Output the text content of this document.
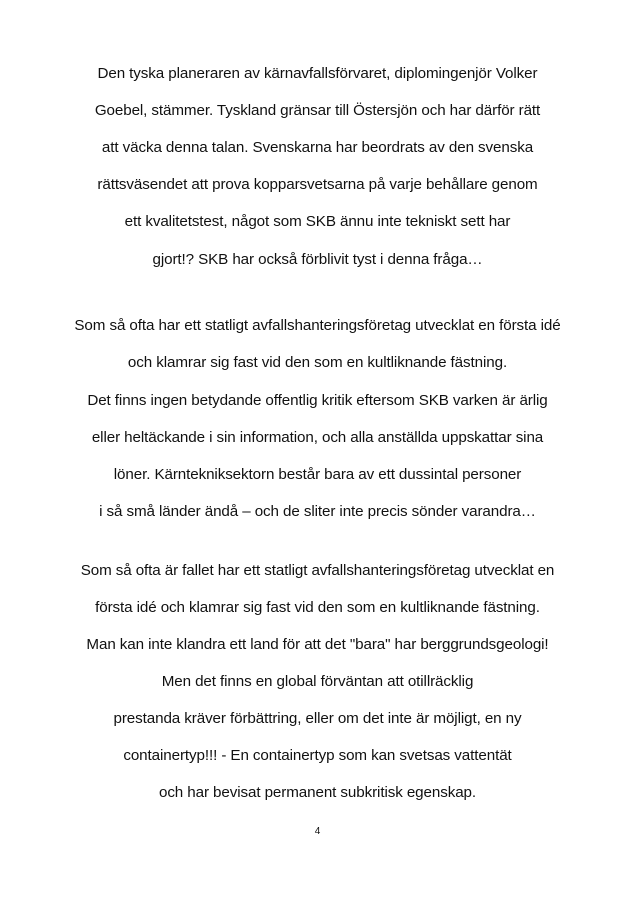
Den tyska planeraren av kärnavfallsförvaret, diplomingenjör Volker
Goebel, stämmer. Tyskland gränsar till Östersjön och har därför rätt
att väcka denna talan. Svenskarna har beordrats av den svenska
rättsväsendet att prova kopparsvetsarna på varje behållare genom
ett kvalitetstest, något som SKB ännu inte tekniskt sett har
gjort!? SKB har också förblivit tyst i denna fråga…
Som så ofta har ett statligt avfallshanteringsföretag utvecklat en första idé
och klamrar sig fast vid den som en kultliknande fästning.
Det finns ingen betydande offentlig kritik eftersom SKB varken är ärlig
eller heltäckande i sin information, och alla anställda uppskattar sina
löner. Kärntekniksektorn består bara av ett dussintal personer
i så små länder ändå – och de sliter inte precis sönder varandra…
Som så ofta är fallet har ett statligt avfallshanteringsföretag utvecklat en
första idé och klamrar sig fast vid den som en kultliknande fästning.
Man kan inte klandra ett land för att det "bara" har berggrundsgeologi!
Men det finns en global förväntan att otillräcklig
prestanda kräver förbättring, eller om det inte är möjligt, en ny
containertyp!!! - En containertyp som kan svetsas vattentät
och har bevisat permanent subkritisk egenskap.
4
